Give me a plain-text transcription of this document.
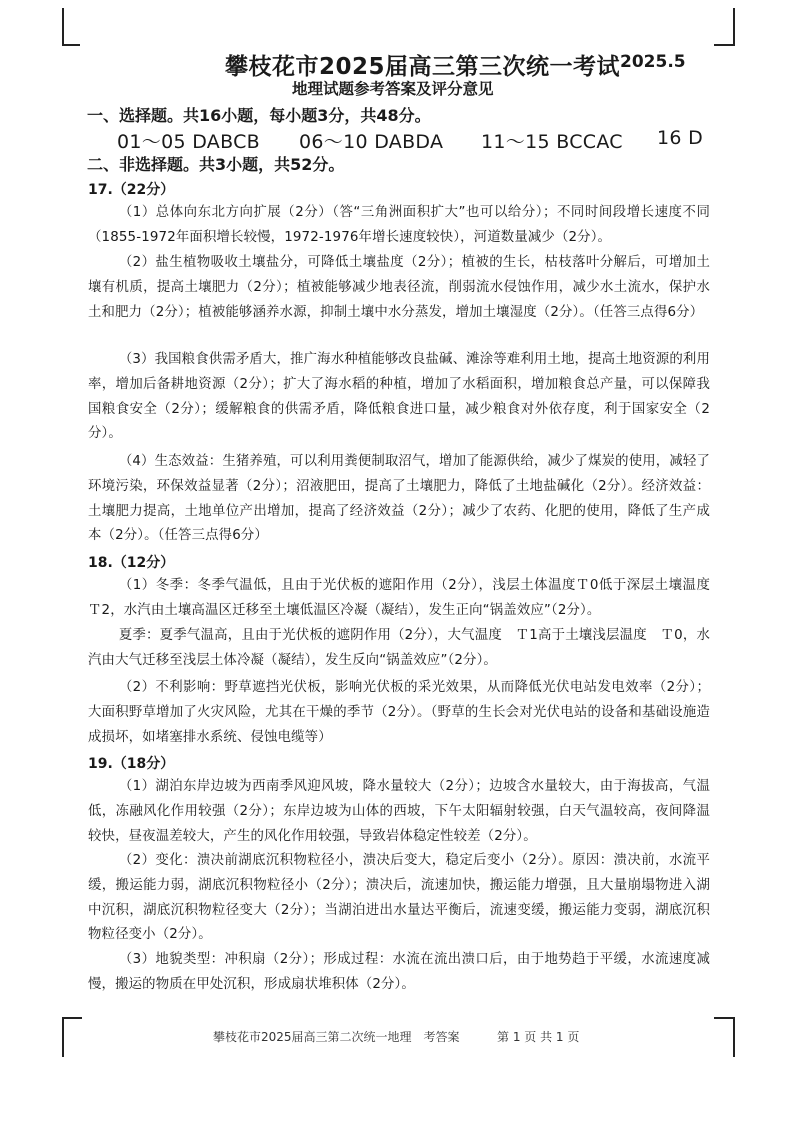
攀枝花市2025届高三第三次统一考试 2025.5
地理试题参考答案及评分意见
一、选择题。共16小题，每小题3分，共48分。
01～05 DABCB 06～10 DABDA 11～15 BCCAC 16 D
二、非选择题。共3小题，共52分。
17.（22分）
（1）总体向东北方向扩展（2分）（答“三角洲面积扩大”也可以给分）；不同时间段增长速度不同（1855-1972年面积增长较慢，1972-1976年增长速度较快），河道数量减少（2分）。
（2）盐生植物吸收土壤盐分，可降低土壤盐度（2分）；植被的生长，枯枝落叶分解后，可增加土壤有机质，提高土壤肥力（2分）；植被能够减少地表径流，削弱流水侵蚀作用，减少水土流水，保护水土和肥力（2分）；植被能够涵养水源，抑制土壤中水分蒸发，增加土壤湿度（2分）。（任答三点得6分）
（3）我国粮食供需矛盾大，推广海水种植能够改良盐碱、滩涂等难利用土地，提高土地资源的利用率，增加后备耕地资源（2分）；扩大了海水稻的种植，增加了水稻面积，增加粮食总产量，可以保障我国粮食安全（2分）；缓解粮食的供需矛盾，降低粮食进口量，减少粮食对外依存度，利于国家安全（2分）。
（4）生态效益：生猪养殖，可以利用粪便制取沼气，增加了能源供给，减少了煤炭的使用，减轻了环境污染，环保效益显著（2分）；沼液肥田，提高了土壤肥力，降低了土地盐碱化（2分）。经济效益：土壤肥力提高，土地单位产出增加，提高了经济效益（2分）；减少了农药、化肥的使用，降低了生产成本（2分）。（任答三点得6分）
18.（12分）
（1）冬季：冬季气温低，且由于光伏板的遮阳作用（2分），浅层土体温度Ｔ0低于深层土壤温度　Ｔ2，水汽由土壤高温区迁移至土壤低温区冷凝（凝结），发生正向“锅盖效应”（2分）。
夏季：夏季气温高，且由于光伏板的遮阴作用（2分），大气温度　Ｔ1高于土壤浅层温度　Ｔ0，水汽由大气迁移至浅层土体冷凝（凝结），发生反向“锅盖效应”（2分）。
（2）不利影响：野草遮挡光伏板，影响光伏板的采光效果，从而降低光伏电站发电效率（2分）；大面积野草增加了火灾风险，尤其在干燥的季节（2分）。（野草的生长会对光伏电站的设备和基础设施造成损坏，如堵塞排水系统、侵蚀电缆等）
19.（18分）
（1）湖泊东岸边坡为西南季风迎风坡，降水量较大（2分）；边坡含水量较大，由于海拔高，气温低，冻融风化作用较强（2分）；东岸边坡为山体的西坡，下午太阳辐射较强，白天气温较高，夜间降温较快，昼夜温差较大，产生的风化作用较强，导致岩体稳定性较差（2分）。
（2）变化：溃决前湖底沉积物粒径小，溃决后变大，稳定后变小（2分）。原因：溃决前，水流平缓，搬运能力弱，湖底沉积物粒径小（2分）；溃决后，流速加快，搬运能力增强，且大量崩塌物进入湖中沉积，湖底沉积物粒径变大（2分）；当湖泊进出水量达平衡后，流速变缓，搬运能力变弱，湖底沉积物粒径变小（2分）。
（3）地貌类型：冲积扇（2分）；形成过程：水流在流出溃口后，由于地势趋于平缓，水流速度减慢，搬运的物质在甲处沉积，形成扇状堆积体（2分）。
攀枝花市2025届高三第二次统一地理　考答案	第 1 页 共 1 页
